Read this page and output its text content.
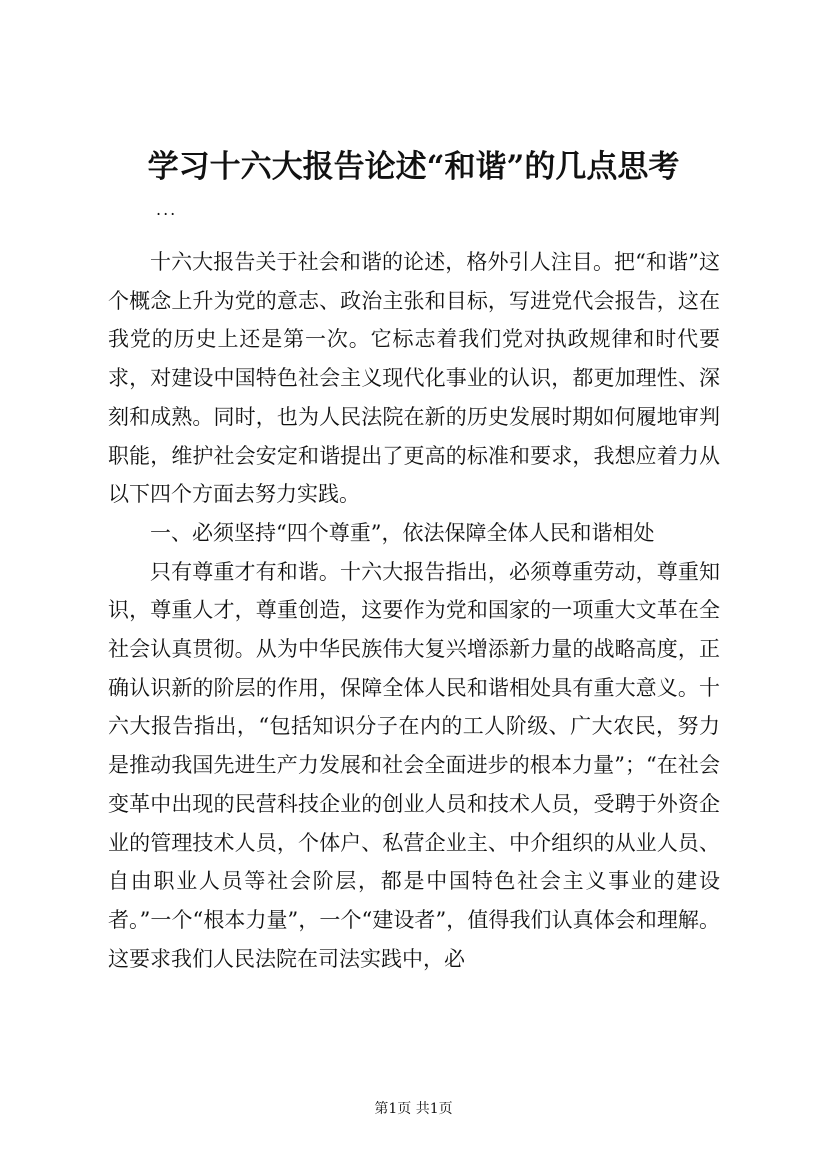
学习十六大报告论述“和谐”的几点思考
...

十六大报告关于社会和谐的论述，格外引人注目。把“和谐”这个概念上升为党的意志、政治主张和目标，写进党代会报告，这在我党的历史上还是第一次。它标志着我们党对执政规律和时代要求，对建设中国特色社会主义现代化事业的认识，都更加理性、深刻和成熟。同时，也为人民法院在新的历史发展时期如何履地审判职能，维护社会安定和谐提出了更高的标准和要求，我想应着力从以下四个方面去努力实践。

一、必须坚持“四个尊重”，依法保障全体人民和谐相处

只有尊重才有和谐。十六大报告指出，必须尊重劳动，尊重知识，尊重人才，尊重创造，这要作为党和国家的一项重大文革在全社会认真贯彻。从为中华民族伟大复兴增添新力量的战略高度，正确认识新的阶层的作用，保障全体人民和谐相处具有重大意义。十六大报告指出，“包括知识分子在内的工人阶级、广大农民，努力是推动我国先进生产力发展和社会全面进步的根本力量”；“在社会变革中出现的民营科技企业的创业人员和技术人员，受聘于外资企业的管理技术人员，个体户、私营企业主、中介组织的从业人员、自由职业人员等社会阶层，都是中国特色社会主义事业的建设者。”一个“根本力量”，一个“建设者”，值得我们认真体会和理解。这要求我们人民法院在司法实践中，必

第1页 共1页
